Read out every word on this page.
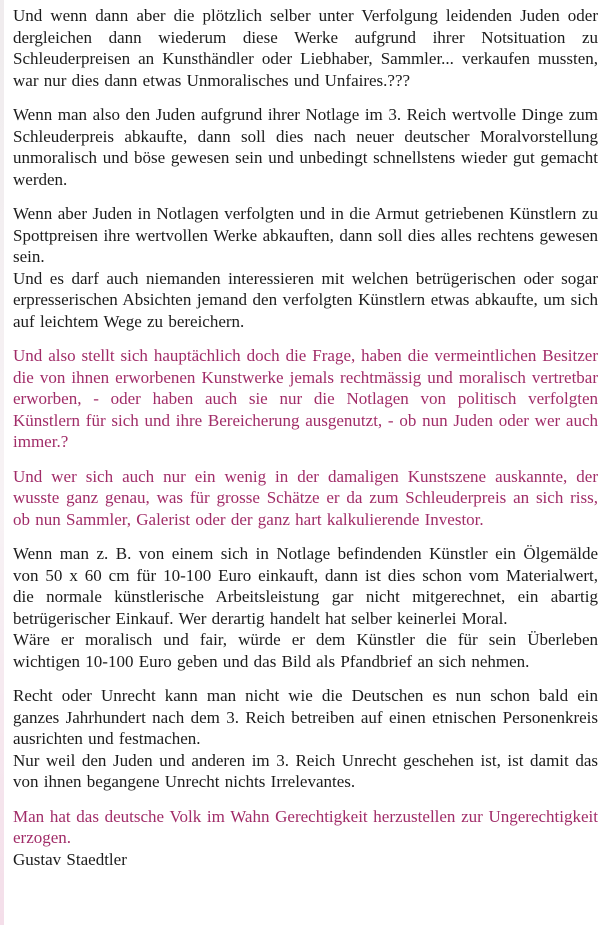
Und wenn dann aber die plötzlich selber unter Verfolgung leidenden Juden oder dergleichen dann wiederum diese Werke aufgrund ihrer Notsituation zu Schleuderpreisen an Kunsthändler oder Liebhaber, Sammler... verkaufen mussten, war nur dies dann etwas Unmoralisches und Unfaires.???
Wenn man also den Juden aufgrund ihrer Notlage im 3. Reich wertvolle Dinge zum Schleuderpreis abkaufte, dann soll dies nach neuer deutscher Moralvorstellung unmoralisch und böse gewesen sein und unbedingt schnellstens wieder gut gemacht werden.
Wenn aber Juden in Notlagen verfolgten und in die Armut getriebenen Künstlern zu Spottpreisen ihre wertvollen Werke abkauften, dann soll dies alles rechtens gewesen sein.
Und es darf auch niemanden interessieren mit welchen betrügerischen oder sogar erpresserischen Absichten jemand den verfolgten Künstlern etwas abkaufte, um sich auf leichtem Wege zu bereichern.
Und also stellt sich hauptächlich doch die Frage, haben die vermeintlichen Besitzer die von ihnen erworbenen Kunstwerke jemals rechtmässig und moralisch vertretbar erworben, - oder haben auch sie nur die Notlagen von politisch verfolgten Künstlern für sich und ihre Bereicherung ausgenutzt, - ob nun Juden oder wer auch immer.?
Und wer sich auch nur ein wenig in der damaligen Kunstszene auskannte, der wusste ganz genau, was für grosse Schätze er da zum Schleuderpreis an sich riss, ob nun Sammler, Galerist oder der ganz hart kalkulierende Investor.
Wenn man z. B. von einem sich in Notlage befindenden Künstler ein Ölgemälde von 50 x 60 cm für 10-100 Euro einkauft, dann ist dies schon vom Materialwert, die normale künstlerische Arbeitsleistung gar nicht mitgerechnet, ein abartig betrügerischer Einkauf. Wer derartig handelt hat selber keinerlei Moral.
Wäre er moralisch und fair, würde er dem Künstler die für sein Überleben wichtigen 10-100 Euro geben und das Bild als Pfandbrief an sich nehmen.
Recht oder Unrecht kann man nicht wie die Deutschen es nun schon bald ein ganzes Jahrhundert nach dem 3. Reich betreiben auf einen etnischen Personenkreis ausrichten und festmachen.
Nur weil den Juden und anderen im 3. Reich Unrecht geschehen ist, ist damit das von ihnen begangene Unrecht nichts Irrelevantes.
Man hat das deutsche Volk im Wahn Gerechtigkeit herzustellen zur Ungerechtigkeit erzogen.
Gustav Staedtler
